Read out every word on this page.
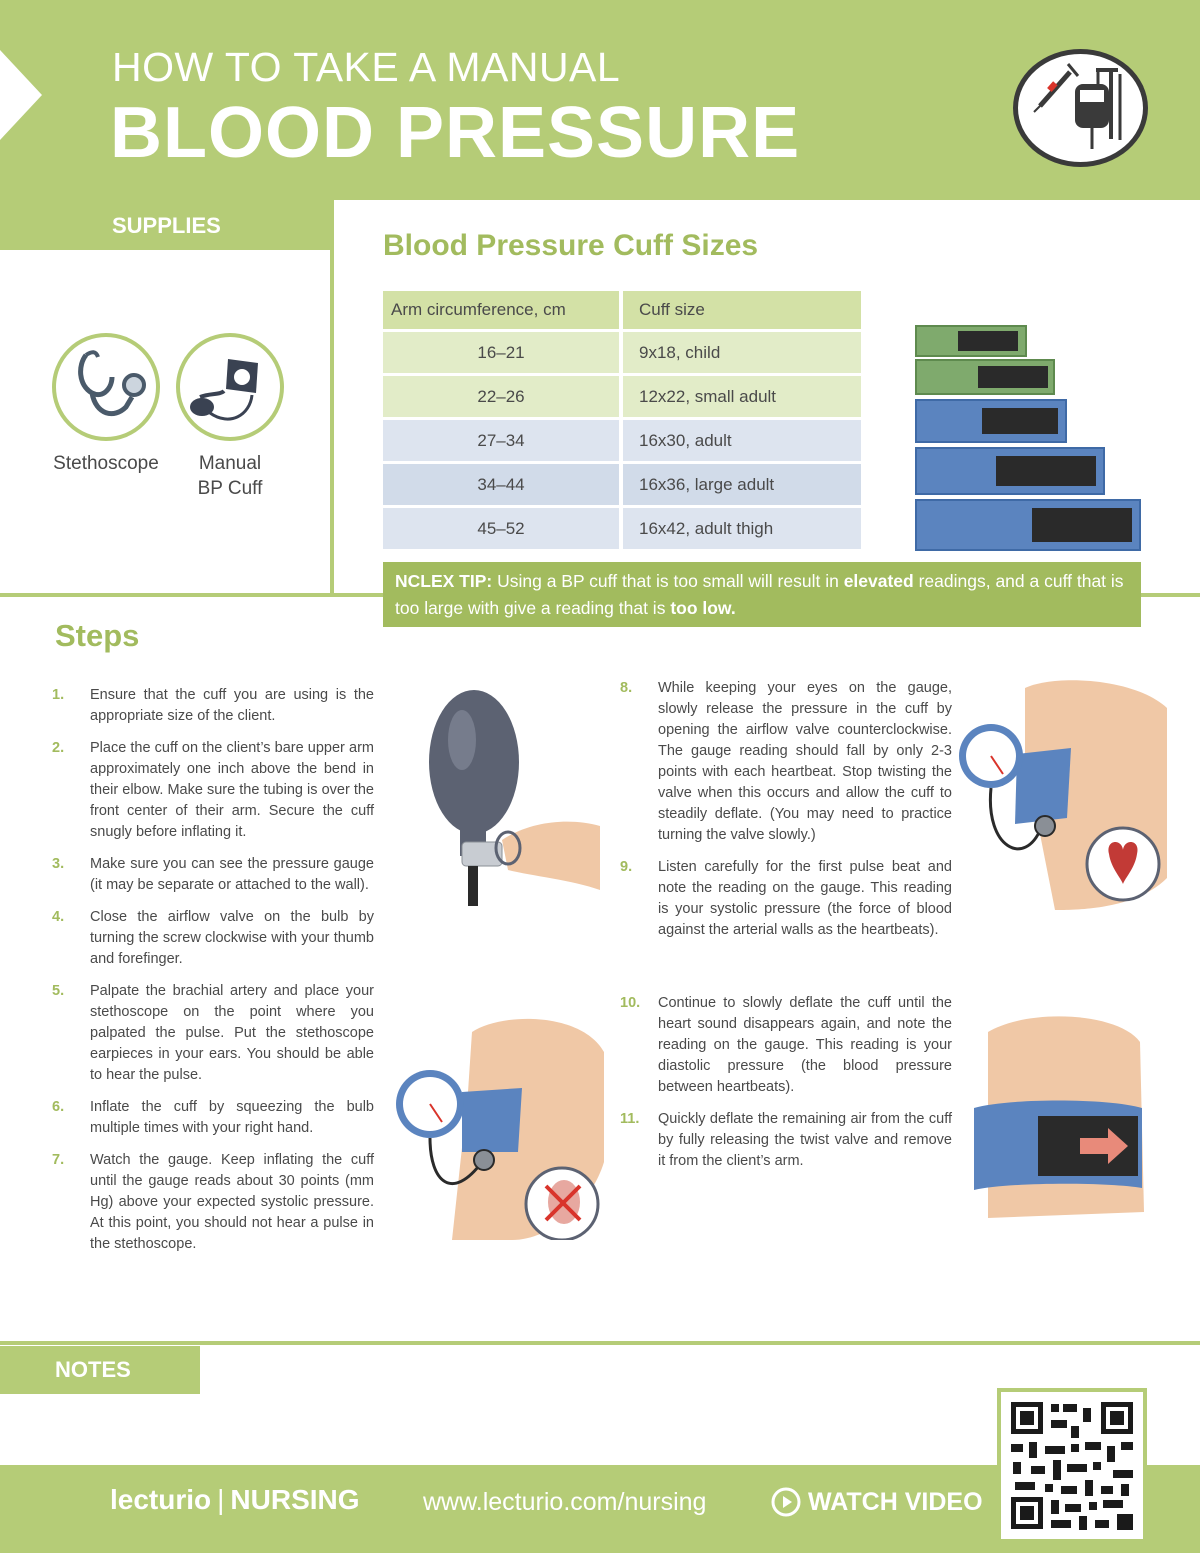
HOW TO TAKE A MANUAL
BLOOD PRESSURE
SUPPLIES
Stethoscope	Manual
BP Cuff
Blood Pressure Cuff Sizes
Arm circumference, cm		Cuff size
16–21		9x18, child
22–26		12x22, small adult
27–34		16x30, adult
34–44		16x36, large adult
45–52		16x42, adult thigh
NCLEX TIP: Using a BP cuff that is too small will result in elevated readings, and a cuff that is too large with give a reading that is too low.
Steps
1.	Ensure that the cuff you are using is the appropriate size of the client.
2.	Place the cuff on the client’s bare upper arm approximately one inch above the bend in their elbow. Make sure the tubing is over the front center of their arm. Secure the cuff snugly before inflating it.
3.	Make sure you can see the pressure gauge (it may be separate or attached to the wall).
4.	Close the airflow valve on the bulb by turning the screw clockwise with your thumb and forefinger.
5.	Palpate the brachial artery and place your stethoscope on the point where you palpated the pulse. Put the stethoscope earpieces in your ears. You should be able to hear the pulse.
6.	Inflate the cuff by squeezing the bulb multiple times with your right hand.
7.	Watch the gauge. Keep inflating the cuff until the gauge reads about 30 points (mm Hg) above your expected systolic pressure. At this point, you should not hear a pulse in the stethoscope.
8.	While keeping your eyes on the gauge, slowly release the pressure in the cuff by opening the airflow valve counterclockwise. The gauge reading should fall by only 2-3 points with each heartbeat. Stop twisting the valve when this occurs and allow the cuff to steadily deflate. (You may need to practice turning the valve slowly.)
9.	Listen carefully for the first pulse beat and note the reading on the gauge. This reading is your systolic pressure (the force of blood against the arterial walls as the heartbeats).
10.	Continue to slowly deflate the cuff until the heart sound disappears again, and note the reading on the gauge. This reading is your diastolic pressure (the blood pressure between heartbeats).
11.	Quickly deflate the remaining air from the cuff by fully releasing the twist valve and remove it from the client’s arm.
NOTES
lecturio | NURSING	www.lecturio.com/nursing	WATCH VIDEO
